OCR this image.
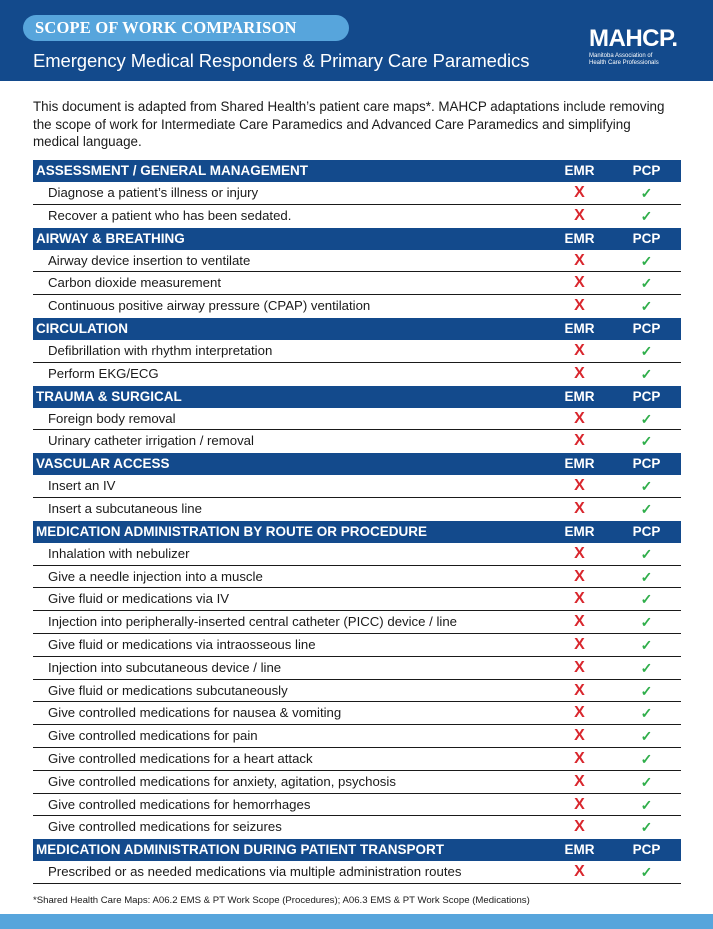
SCOPE OF WORK COMPARISON
Emergency Medical Responders & Primary Care Paramedics
MAHCP.
Manitoba Association of
Health Care Professionals

This document is adapted from Shared Health’s patient care maps*. MAHCP adaptations include removing the scope of work for Intermediate Care Paramedics and Advanced Care Paramedics and simplifying medical language.

ASSESSMENT / GENERAL MANAGEMENT	EMR	PCP
Diagnose a patient’s illness or injury	X	✓
Recover a patient who has been sedated.	X	✓
AIRWAY & BREATHING	EMR	PCP
Airway device insertion to ventilate	X	✓
Carbon dioxide measurement	X	✓
Continuous positive airway pressure (CPAP) ventilation	X	✓
CIRCULATION	EMR	PCP
Defibrillation with rhythm interpretation	X	✓
Perform EKG/ECG	X	✓
TRAUMA & SURGICAL	EMR	PCP
Foreign body removal	X	✓
Urinary catheter irrigation / removal	X	✓
VASCULAR ACCESS	EMR	PCP
Insert an IV	X	✓
Insert a subcutaneous line	X	✓
MEDICATION ADMINISTRATION BY ROUTE OR PROCEDURE	EMR	PCP
Inhalation with nebulizer	X	✓
Give a needle injection into a muscle	X	✓
Give fluid or medications via IV	X	✓
Injection into peripherally-inserted central catheter (PICC) device / line	X	✓
Give fluid or medications via intraosseous line	X	✓
Injection into subcutaneous device / line	X	✓
Give fluid or medications subcutaneously	X	✓
Give controlled medications for nausea & vomiting	X	✓
Give controlled medications for pain	X	✓
Give controlled medications for a heart attack	X	✓
Give controlled medications for anxiety, agitation, psychosis	X	✓
Give controlled medications for hemorrhages	X	✓
Give controlled medications for seizures	X	✓
MEDICATION ADMINISTRATION DURING PATIENT TRANSPORT	EMR	PCP
Prescribed or as needed medications via multiple administration routes	X	✓
*Shared Health Care Maps: A06.2 EMS & PT Work Scope (Procedures); A06.3 EMS & PT Work Scope (Medications)
